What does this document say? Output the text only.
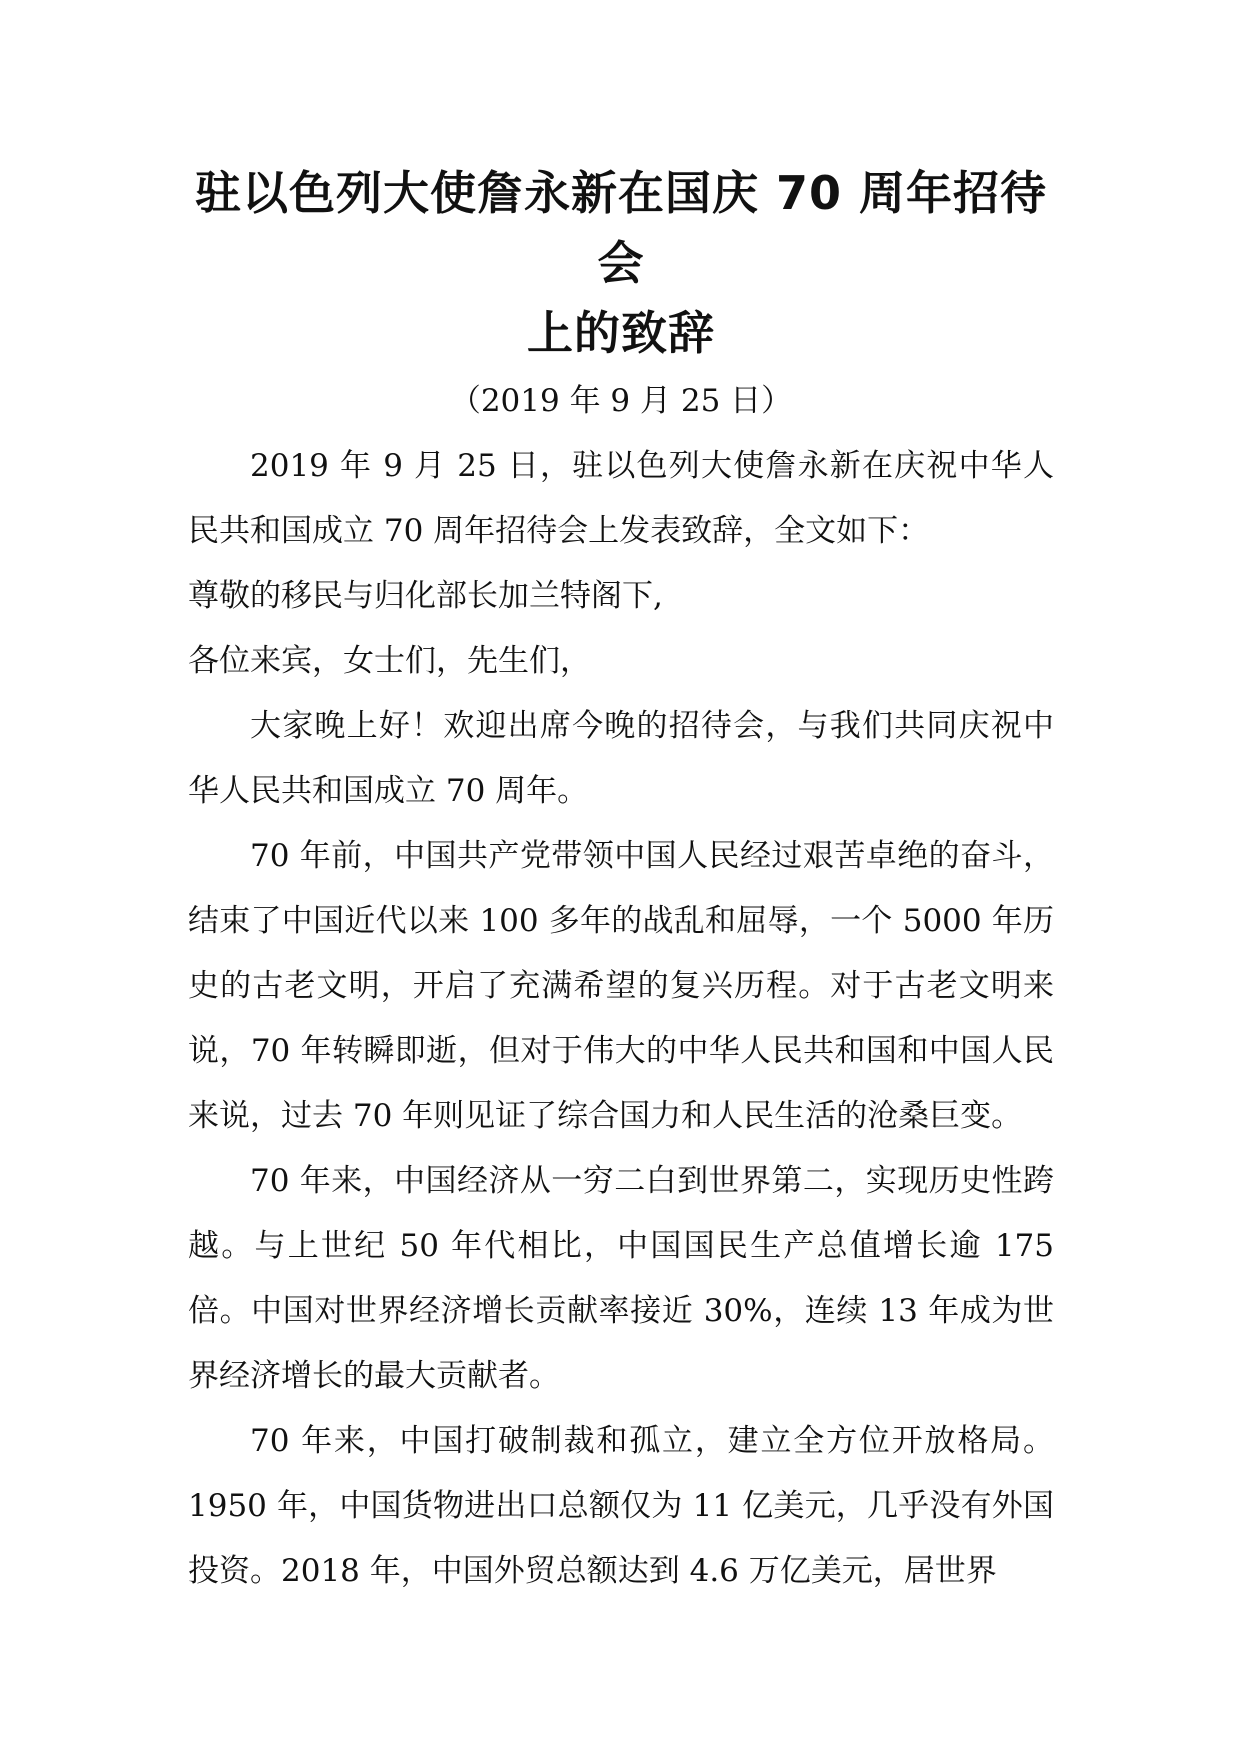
驻以色列大使詹永新在国庆 70 周年招待会
上的致辞

（2019 年 9 月 25 日）

2019 年 9 月 25 日，驻以色列大使詹永新在庆祝中华人民共和国成立 70 周年招待会上发表致辞，全文如下：

尊敬的移民与归化部长加兰特阁下,

各位来宾，女士们，先生们，

大家晚上好！欢迎出席今晚的招待会，与我们共同庆祝中华人民共和国成立 70 周年。

70 年前，中国共产党带领中国人民经过艰苦卓绝的奋斗，结束了中国近代以来 100 多年的战乱和屈辱，一个 5000 年历史的古老文明，开启了充满希望的复兴历程。对于古老文明来说，70 年转瞬即逝，但对于伟大的中华人民共和国和中国人民来说，过去 70 年则见证了综合国力和人民生活的沧桑巨变。

70 年来，中国经济从一穷二白到世界第二，实现历史性跨越。与上世纪 50 年代相比，中国国民生产总值增长逾 175 倍。中国对世界经济增长贡献率接近 30%，连续 13 年成为世界经济增长的最大贡献者。

70 年来，中国打破制裁和孤立，建立全方位开放格局。1950 年，中国货物进出口总额仅为 11 亿美元，几乎没有外国投资。2018 年，中国外贸总额达到 4.6 万亿美元，居世界
